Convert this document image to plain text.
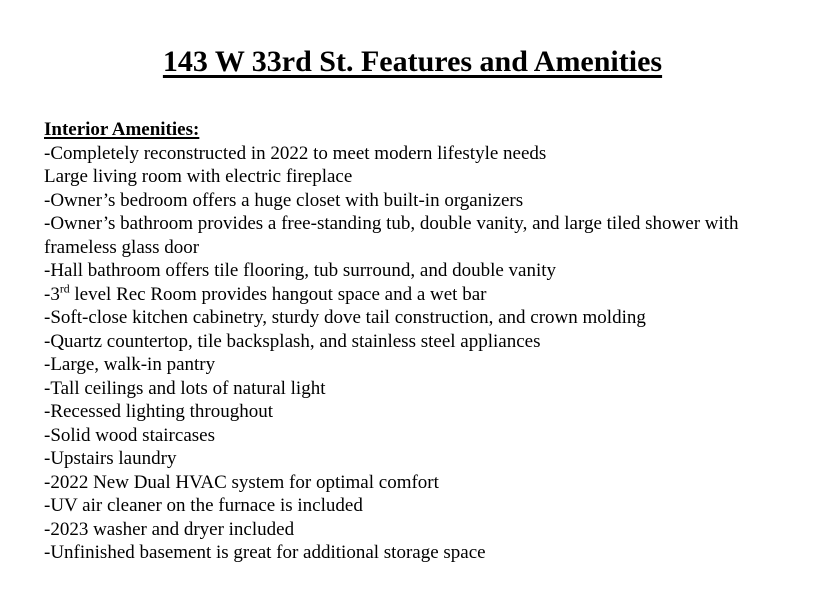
143 W 33rd St. Features and Amenities
Interior Amenities:
-Completely reconstructed in 2022 to meet modern lifestyle needs
Large living room with electric fireplace
-Owner’s bedroom offers a huge closet with built-in organizers
-Owner’s bathroom provides a free-standing tub, double vanity, and large tiled shower with frameless glass door
-Hall bathroom offers tile flooring, tub surround, and double vanity
-3rd level Rec Room provides hangout space and a wet bar
-Soft-close kitchen cabinetry, sturdy dove tail construction, and crown molding
-Quartz countertop, tile backsplash, and stainless steel appliances
-Large, walk-in pantry
-Tall ceilings and lots of natural light
-Recessed lighting throughout
-Solid wood staircases
-Upstairs laundry
-2022 New Dual HVAC system for optimal comfort
-UV air cleaner on the furnace is included
-2023 washer and dryer included
-Unfinished basement is great for additional storage space
